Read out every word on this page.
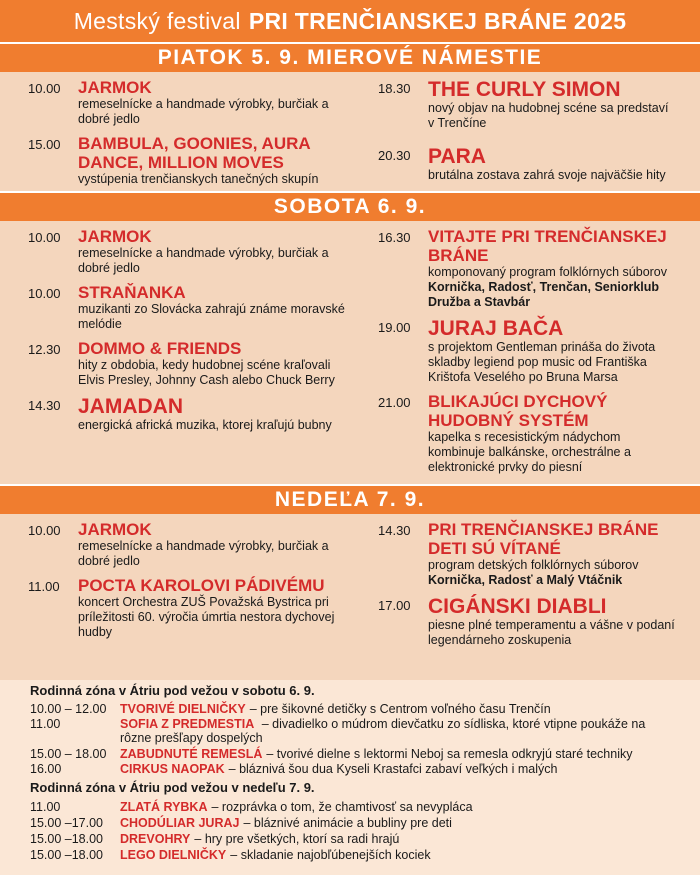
Mestský festival PRI TRENČIANSKEJ BRÁNE 2025
PIATOK 5. 9. MIEROVÉ NÁMESTIE
10.00	JARMOK
remeselnícke a handmade výrobky, burčiak a dobré jedlo
15.00	BAMBULA, GOONIES, AURA DANCE, MILLION MOVES
vystúpenia trenčianskych tanečných skupín
18.30 THE CURLY SIMON
nový objav na hudobnej scéne sa predstaví v Trenčíne
20.30 PARA
brutálna zostava zahrá svoje najväčšie hity
SOBOTA 6. 9.
10.00	JARMOK
remeselnícke a handmade výrobky, burčiak a dobré jedlo
10.00	STRAŇANKA
muzikanti zo Slovácka zahrajú známe moravské melódie
12.30	DOMMO & FRIENDS
hity z obdobia, kedy hudobnej scéne kraľovali Elvis Presley, Johnny Cash alebo Chuck Berry
14.30 JAMADAN
energická africká muzika, ktorej kraľujú bubny
16.30	VITAJTE PRI TRENČIANSKEJ BRÁNE
komponovaný program folklórnych súborov Kornička, Radosť, Trenčan, Seniorklub Družba a Stavbár
19.00 JURAJ BAČA
s projektom Gentleman prináša do života skladby legiend pop music od Františka Krištofa Veselého po Bruna Marsa
21.00	BLIKAJÚCI DYCHOVÝ HUDOBNÝ SYSTÉM
kapelka s recesistickým nádychom kombinuje balkánske, orchestrálne a elektronické prvky do piesní
NEDEĽA 7. 9.
10.00	JARMOK
remeselnícke a handmade výrobky, burčiak a dobré jedlo
11.00	POCTA KAROLOVI PÁDIVÉMU
koncert Orchestra ZUŠ Považská Bystrica pri príležitosti 60. výročia úmrtia nestora dychovej hudby
14.30	PRI TRENČIANSKEJ BRÁNE DETI SÚ VÍTANÉ
program detských folklórnych súborov Kornička, Radosť a Malý Vtáčnik
17.00 CIGÁNSKI DIABLI
piesne plné temperamentu a vášne v podaní legendárneho zoskupenia
Rodinná zóna v Átriu pod vežou v sobotu 6. 9.
10.00 – 12.00	TVORIVÉ DIELNIČKY – pre šikovné detičky s Centrom voľného času Trenčín
11.00	SOFIA Z PREDMESTIA – divadielko o múdrom dievčatku zo sídliska, ktoré vtipne poukáže na rôzne prešľapy dospelých
15.00 – 18.00	ZABUDNUTÉ REMESLÁ – tvorivé dielne s lektormi Neboj sa remesla odkryjú staré techniky
16.00	CIRKUS NAOPAK – bláznivá šou dua Kyseli Krastafci zabaví veľkých i malých
Rodinná zóna v Átriu pod vežou v nedeľu 7. 9.
11.00	ZLATÁ RYBKA – rozprávka o tom, že chamtivosť sa nevypláca
15.00 –17.00	CHODÚLIAR JURAJ – bláznivé animácie a bubliny pre deti
15.00 –18.00	DREVOHRY – hry pre všetkých, ktorí sa radi hrajú
15.00 –18.00	LEGO DIELNIČKY – skladanie najobľúbenejších kociek
